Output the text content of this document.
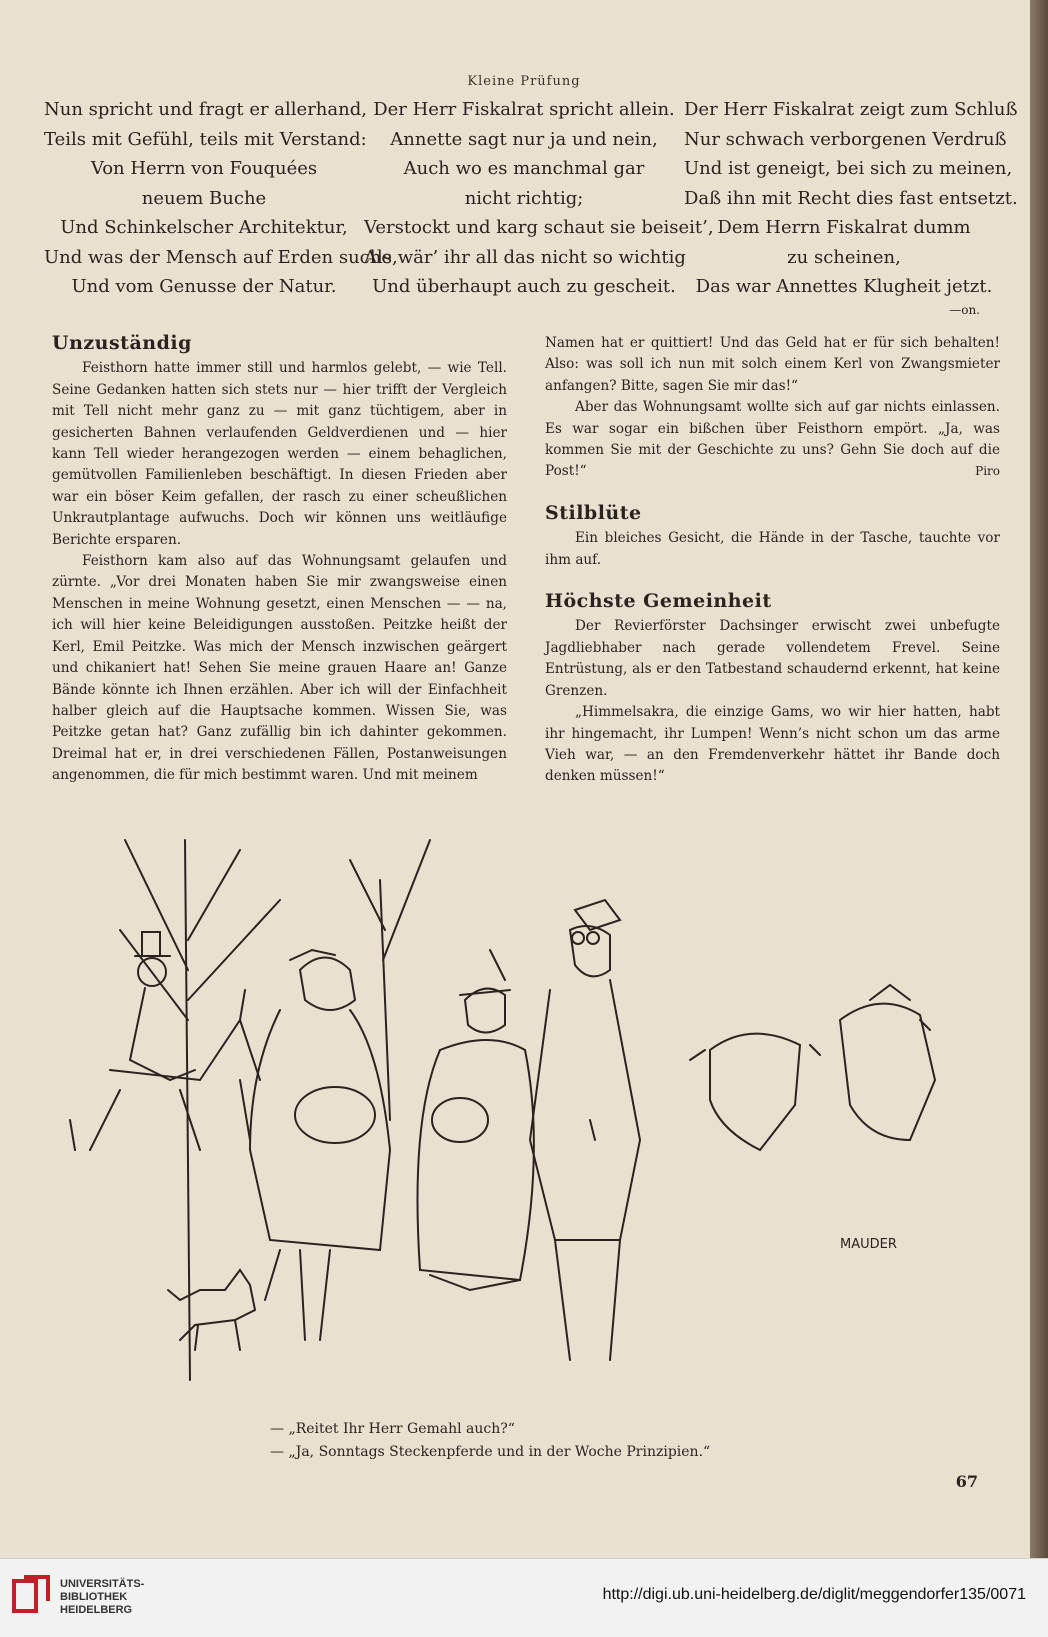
Kleine Prüfung
Nun spricht und fragt er allerhand,
Teils mit Gefühl, teils mit Verstand:
Von Herrn von Fouquées
neuem Buche
Und Schinkelscher Architektur,
Und was der Mensch auf Erden suche,
Und vom Genusse der Natur.
Der Herr Fiskalrat spricht allein.
Annette sagt nur ja und nein,
Auch wo es manchmal gar
nicht richtig;
Verstockt und karg schaut sie beiseit’,
Als wär’ ihr all das nicht so wichtig
Und überhaupt auch zu gescheit.
Der Herr Fiskalrat zeigt zum Schluß
Nur schwach verborgenen Verdruß
Und ist geneigt, bei sich zu meinen,
Daß ihn mit Recht dies fast entsetzt.
Dem Herrn Fiskalrat dumm
zu scheinen,
Das war Annettes Klugheit jetzt.
—on.
Unzuständig

Feisthorn hatte immer still und harmlos gelebt, — wie Tell. Seine Gedanken hatten sich stets nur — hier trifft der Vergleich mit Tell nicht mehr ganz zu — mit ganz tüchtigem, aber in gesicherten Bahnen verlaufenden Geldverdienen und — hier kann Tell wieder herangezogen werden — einem behaglichen, gemütvollen Familienleben beschäftigt. In diesen Frieden aber war ein böser Keim gefallen, der rasch zu einer scheußlichen Unkrautplantage aufwuchs. Doch wir können uns weitläufige Berichte ersparen.

Feisthorn kam also auf das Wohnungsamt gelaufen und zürnte. „Vor drei Monaten haben Sie mir zwangsweise einen Menschen in meine Wohnung gesetzt, einen Menschen — — na, ich will hier keine Beleidigungen ausstoßen. Peitzke heißt der Kerl, Emil Peitzke. Was mich der Mensch inzwischen geärgert und chikaniert hat! Sehen Sie meine grauen Haare an! Ganze Bände könnte ich Ihnen erzählen. Aber ich will der Einfachheit halber gleich auf die Hauptsache kommen. Wissen Sie, was Peitzke getan hat? Ganz zufällig bin ich dahinter gekommen. Dreimal hat er, in drei verschiedenen Fällen, Postanweisungen angenommen, die für mich bestimmt waren. Und mit meinem

Namen hat er quittiert! Und das Geld hat er für sich behalten! Also: was soll ich nun mit solch einem Kerl von Zwangsmieter anfangen? Bitte, sagen Sie mir das!“

Aber das Wohnungsamt wollte sich auf gar nichts einlassen. Es war sogar ein bißchen über Feisthorn empört. „Ja, was kommen Sie mit der Geschichte zu uns? Gehn Sie doch auf die Post!“	Piro

Stilblüte

Ein bleiches Gesicht, die Hände in der Tasche, tauchte vor ihm auf.

Höchste Gemeinheit

Der Revierförster Dachsinger erwischt zwei unbefugte Jagdliebhaber nach gerade vollendetem Frevel. Seine Entrüstung, als er den Tatbestand schaudernd erkennt, hat keine Grenzen.

„Himmelsakra, die einzige Gams, wo wir hier hatten, habt ihr hingemacht, ihr Lumpen! Wenn’s nicht schon um das arme Vieh war, — an den Fremdenverkehr hättet ihr Bande doch denken müssen!“

MAUDER
— „Reitet Ihr Herr Gemahl auch?“
— „Ja, Sonntags Steckenpferde und in der Woche Prinzipien.“
67
UNIVERSITÄTS-
BIBLIOTHEK
HEIDELBERG
http://digi.ub.uni-heidelberg.de/diglit/meggendorfer135/0071
